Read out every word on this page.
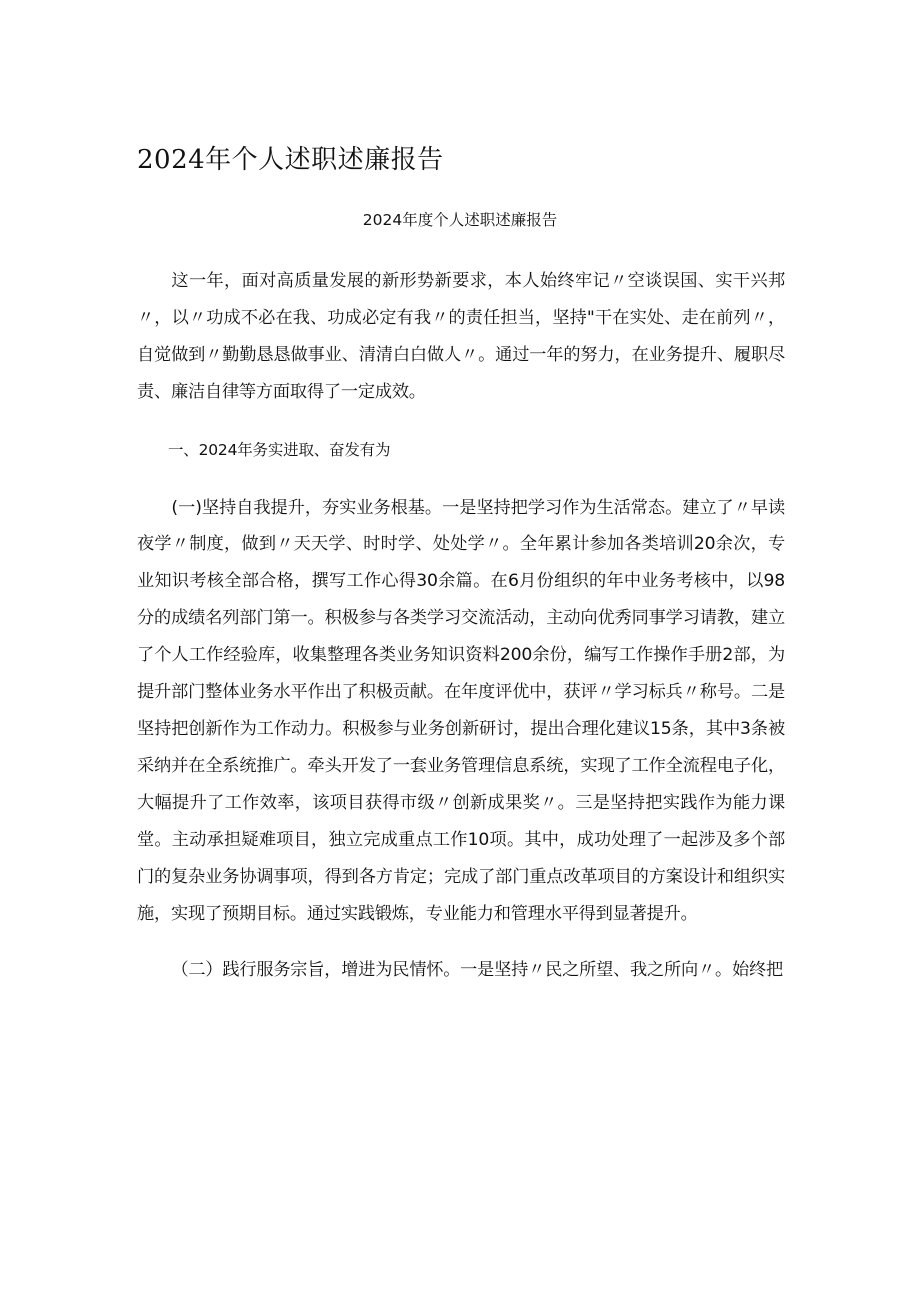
2024年个人述职述廉报告
2024年度个人述职述廉报告

这一年，面对高质量发展的新形势新要求，本人始终牢记〃空谈误国、实干兴邦〃，以〃功成不必在我、功成必定有我〃的责任担当，坚持"干在实处、走在前列〃，自觉做到〃勤勤恳恳做事业、清清白白做人〃。通过一年的努力，在业务提升、履职尽责、廉洁自律等方面取得了一定成效。

一、2024年务实进取、奋发有为

(一)坚持自我提升，夯实业务根基。一是坚持把学习作为生活常态。建立了〃早读夜学〃制度，做到〃天天学、时时学、处处学〃。全年累计参加各类培训20余次，专业知识考核全部合格，撰写工作心得30余篇。在6月份组织的年中业务考核中，以98分的成绩名列部门第一。积极参与各类学习交流活动，主动向优秀同事学习请教，建立了个人工作经验库，收集整理各类业务知识资料200余份，编写工作操作手册2部，为提升部门整体业务水平作出了积极贡献。在年度评优中，获评〃学习标兵〃称号。二是坚持把创新作为工作动力。积极参与业务创新研讨，提出合理化建议15条，其中3条被采纳并在全系统推广。牵头开发了一套业务管理信息系统，实现了工作全流程电子化，大幅提升了工作效率，该项目获得市级〃创新成果奖〃。三是坚持把实践作为能力课堂。主动承担疑难项目，独立完成重点工作10项。其中，成功处理了一起涉及多个部门的复杂业务协调事项，得到各方肯定；完成了部门重点改革项目的方案设计和组织实施，实现了预期目标。通过实践锻炼，专业能力和管理水平得到显著提升。

（二）践行服务宗旨，增进为民情怀。一是坚持〃民之所望、我之所向〃。始终把
